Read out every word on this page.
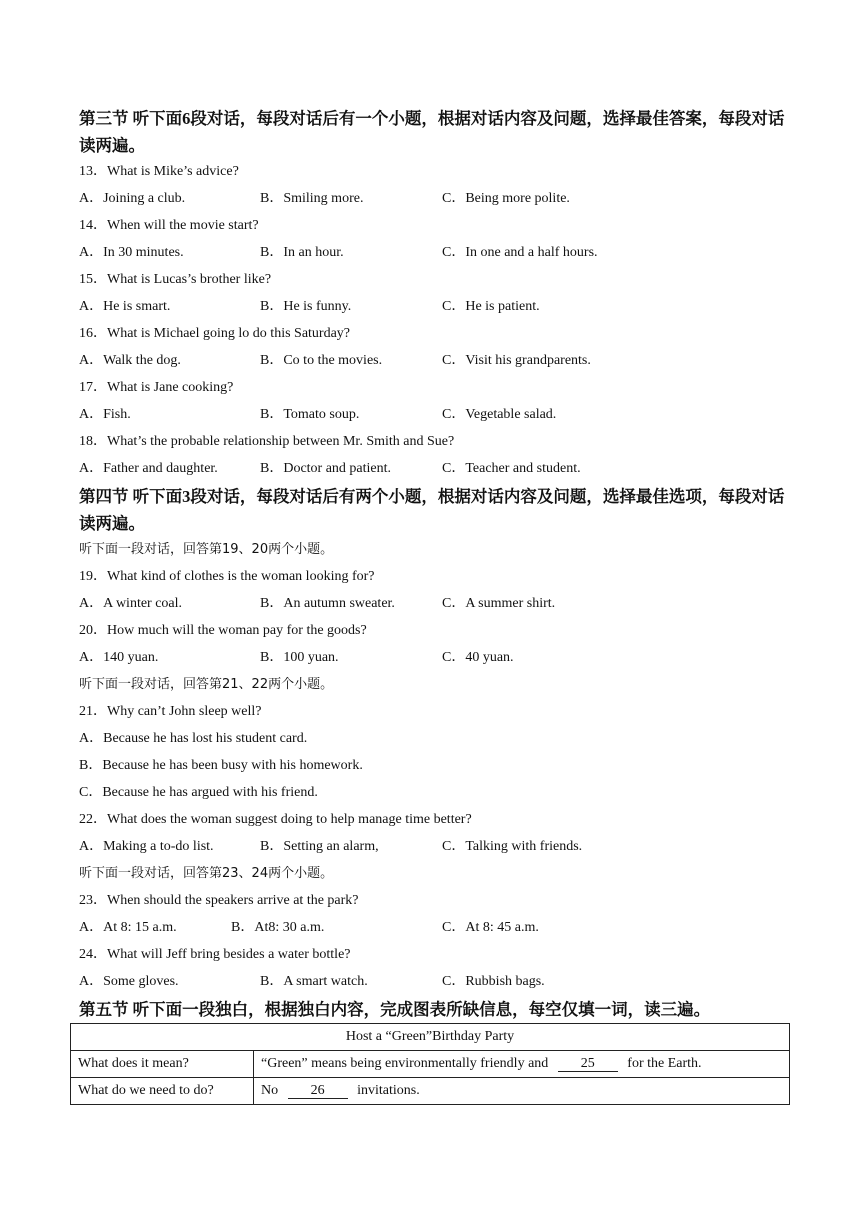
第三节 听下面6段对话，每段对话后有一个小题，根据对话内容及问题，选择最佳答案，每段对话读两遍。
13．What is Mike’s advice?
A．Joining a club.	B．Smiling more.	C．Being more polite.
14．When will the movie start?
A．In 30 minutes.	B．In an hour.	C．In one and a half hours.
15．What is Lucas’s brother like?
A．He is smart.	B．He is funny.	C．He is patient.
16．What is Michael going lo do this Saturday?
A．Walk the dog.	B．Co to the movies.	C．Visit his grandparents.
17．What is Jane cooking?
A．Fish.	B．Tomato soup.	C．Vegetable salad.
18．What’s the probable relationship between Mr. Smith and Sue?
A．Father and daughter.	B．Doctor and patient.	C．Teacher and student.
第四节 听下面3段对话，每段对话后有两个小题，根据对话内容及问题，选择最佳选项，每段对话读两遍。
听下面一段对话，回答第19、20两个小题。
19．What kind of clothes is the woman looking for?
A．A winter coal.	B．An autumn sweater.	C．A summer shirt.
20．How much will the woman pay for the goods?
A．140 yuan.	B．100 yuan.	C．40 yuan.
听下面一段对话，回答第21、22两个小题。
21．Why can’t John sleep well?
A．Because he has lost his student card.
B．Because he has been busy with his homework.
C．Because he has argued with his friend.
22．What does the woman suggest doing to help manage time better?
A．Making a to-do list.	B．Setting an alarm,	C．Talking with friends.
听下面一段对话，回答第23、24两个小题。
23．When should the speakers arrive at the park?
A．At 8: 15 a.m.	B．At8: 30 a.m.	C．At 8: 45 a.m.
24．What will Jeff bring besides a water bottle?
A．Some gloves.	B．A smart watch.	C．Rubbish bags.
第五节 听下面一段独白，根据独白内容，完成图表所缺信息，每空仅填一词，读三遍。
Host a “Green”Birthday Party	
What does it mean?	“Green” means being environmentally friendly and 25 for the Earth.
What do we need to do?	No 26 invitations.
